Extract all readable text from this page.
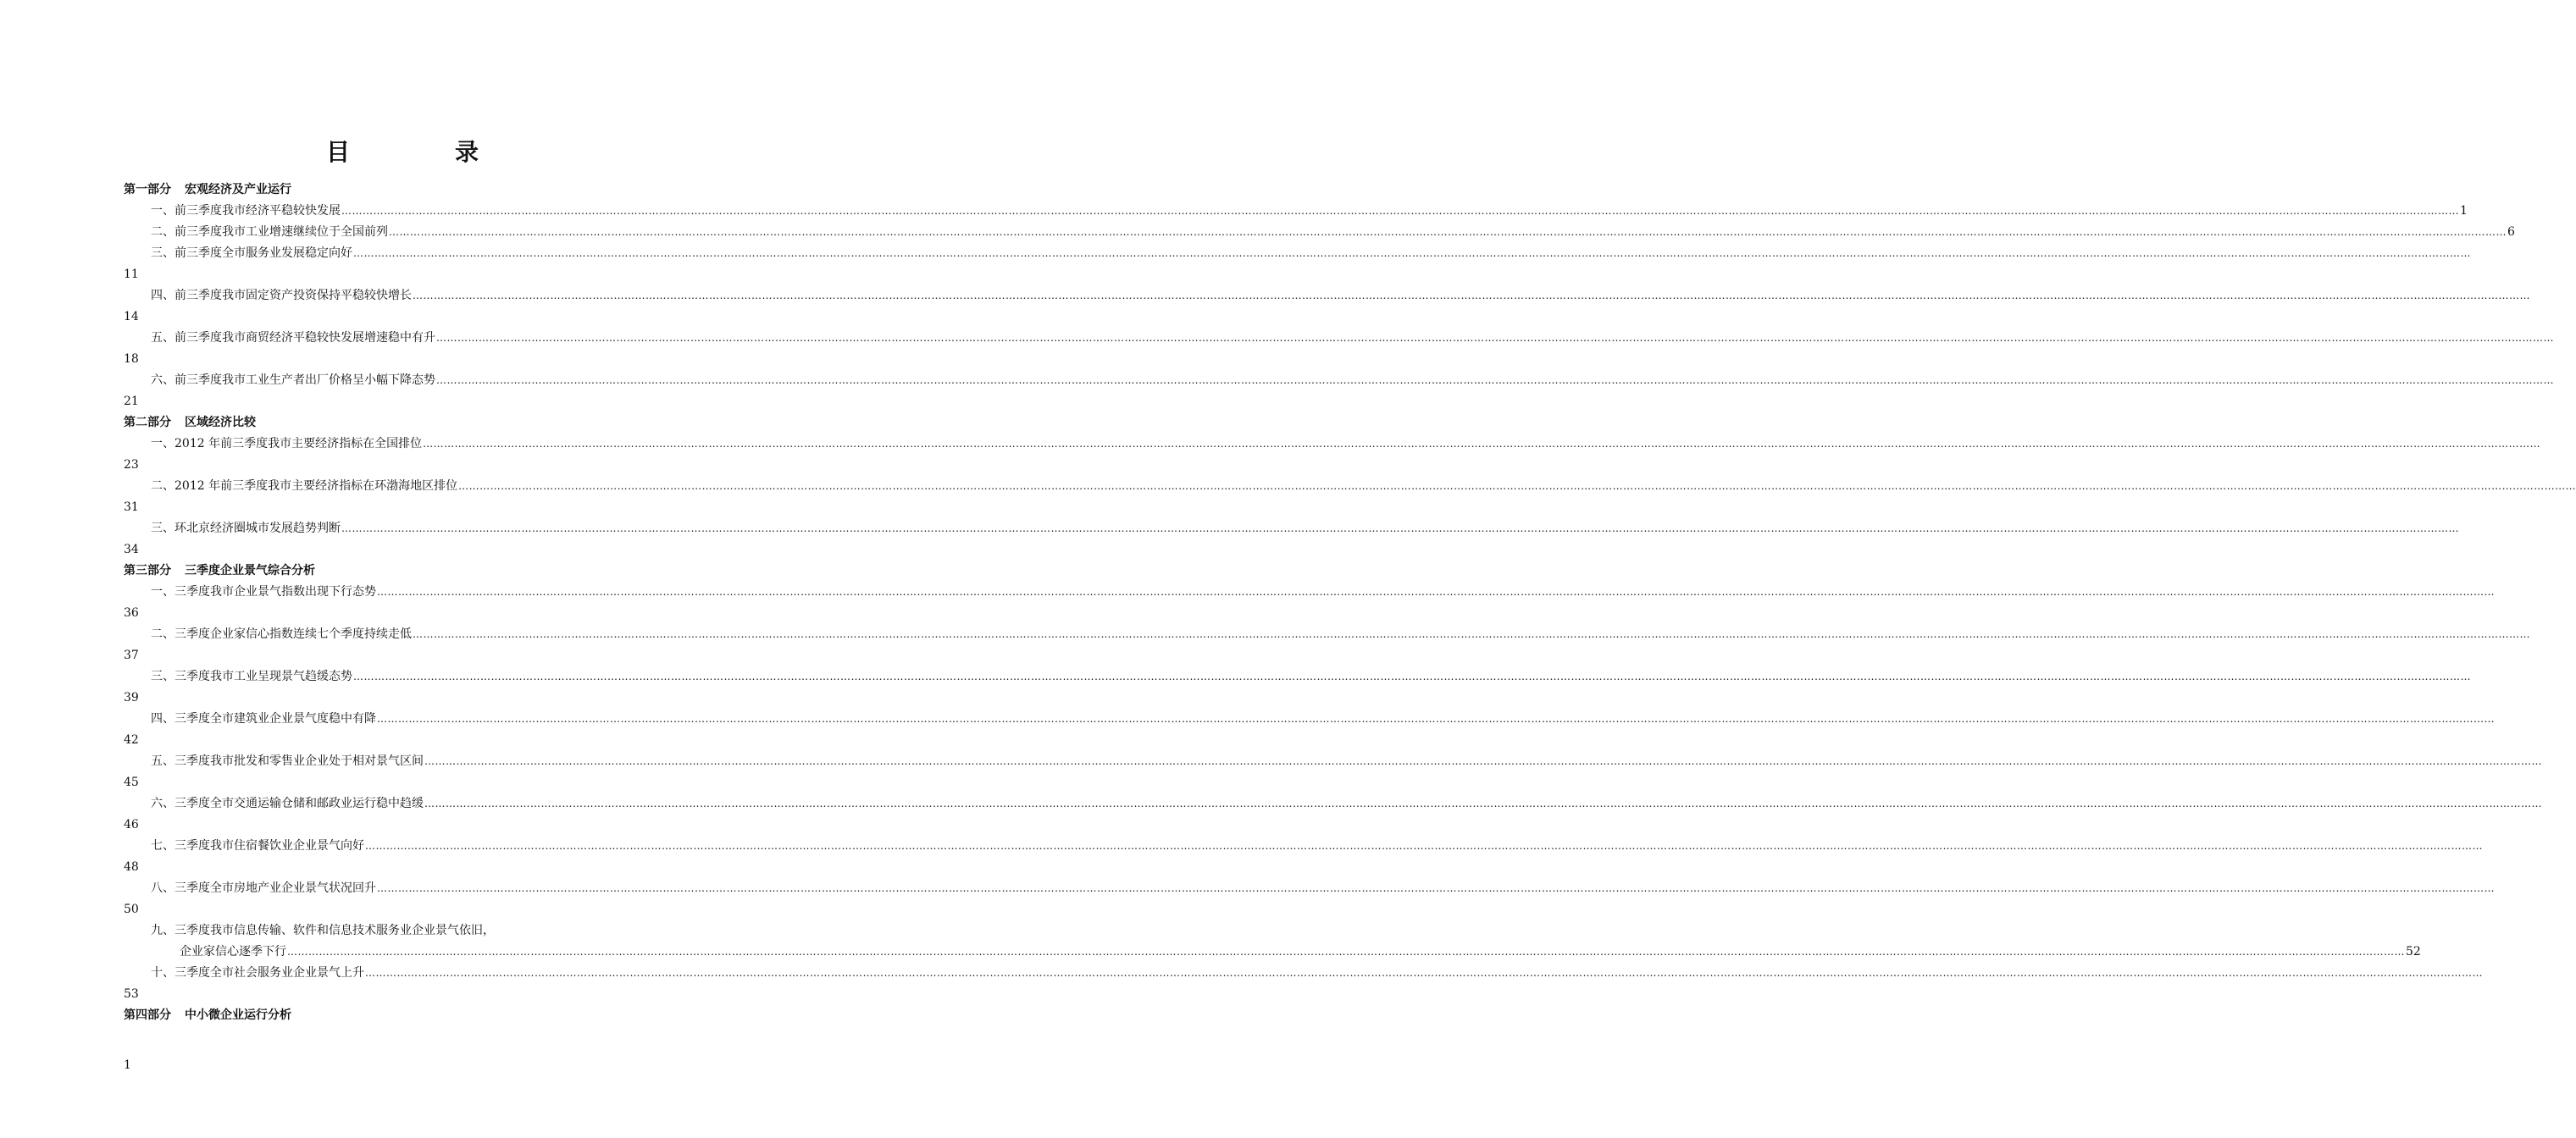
目　录
第一部分 宏观经济及产业运行
一、前三季度我市经济平稳较快发展 …………………………………………………………………………………………………………………………………………………………………………………………………………………………………………………………………………………………………………………………………………………………………………………………………………………………………………………………………………………………………………………………………………………… 1
二、前三季度我市工业增速继续位于全国前列 …………………………………………………………………………………………………………………………………………………………………………………………………………………………………………………………………………………………………………………………………………………………………………………………………………………………………………………………………………………………………………………………………………………… 6
三、前三季度全市服务业发展稳定向好 ……………………………………………………………………………………………………………………………………………………………………………………………………………………………………………………………………………………………………………………………………………………………………………………………………………………………………………………………………………………………………………………………………………………
11
四、前三季度我市固定资产投资保持平稳较快增长 ……………………………………………………………………………………………………………………………………………………………………………………………………………………………………………………………………………………………………………………………………………………………………………………………………………………………………………………………………………………………………………………………………………………
14
五、前三季度我市商贸经济平稳较快发展增速稳中有升 ……………………………………………………………………………………………………………………………………………………………………………………………………………………………………………………………………………………………………………………………………………………………………………………………………………………………………………………………………………………………………………………………………………………
18
六、前三季度我市工业生产者出厂价格呈小幅下降态势 ……………………………………………………………………………………………………………………………………………………………………………………………………………………………………………………………………………………………………………………………………………………………………………………………………………………………………………………………………………………………………………………………………………………
21
第二部分 区域经济比较
一、2012 年前三季度我市主要经济指标在全国排位 ……………………………………………………………………………………………………………………………………………………………………………………………………………………………………………………………………………………………………………………………………………………………………………………………………………………………………………………………………………………………………………………………………………………
23
二、2012 年前三季度我市主要经济指标在环渤海地区排位 ……………………………………………………………………………………………………………………………………………………………………………………………………………………………………………………………………………………………………………………………………………………………………………………………………………………………………………………………………………………………………………………………………………………
31
三、环北京经济圈城市发展趋势判断 ……………………………………………………………………………………………………………………………………………………………………………………………………………………………………………………………………………………………………………………………………………………………………………………………………………………………………………………………………………………………………………………………………………………
34
第三部分 三季度企业景气综合分析
一、三季度我市企业景气指数出现下行态势 ……………………………………………………………………………………………………………………………………………………………………………………………………………………………………………………………………………………………………………………………………………………………………………………………………………………………………………………………………………………………………………………………………………………
36
二、三季度企业家信心指数连续七个季度持续走低 ……………………………………………………………………………………………………………………………………………………………………………………………………………………………………………………………………………………………………………………………………………………………………………………………………………………………………………………………………………………………………………………………………………………
37
三、三季度我市工业呈现景气趋缓态势 ……………………………………………………………………………………………………………………………………………………………………………………………………………………………………………………………………………………………………………………………………………………………………………………………………………………………………………………………………………………………………………………………………………………
39
四、三季度全市建筑业企业景气度稳中有降 ……………………………………………………………………………………………………………………………………………………………………………………………………………………………………………………………………………………………………………………………………………………………………………………………………………………………………………………………………………………………………………………………………………………
42
五、三季度我市批发和零售业企业处于相对景气区间 ……………………………………………………………………………………………………………………………………………………………………………………………………………………………………………………………………………………………………………………………………………………………………………………………………………………………………………………………………………………………………………………………………………………
45
六、三季度全市交通运输仓储和邮政业运行稳中趋缓 ……………………………………………………………………………………………………………………………………………………………………………………………………………………………………………………………………………………………………………………………………………………………………………………………………………………………………………………………………………………………………………………………………………………
46
七、三季度我市住宿餐饮业企业景气向好 ……………………………………………………………………………………………………………………………………………………………………………………………………………………………………………………………………………………………………………………………………………………………………………………………………………………………………………………………………………………………………………………………………………………
48
八、三季度全市房地产业企业景气状况回升 ……………………………………………………………………………………………………………………………………………………………………………………………………………………………………………………………………………………………………………………………………………………………………………………………………………………………………………………………………………………………………………………………………………………
50
九、三季度我市信息传输、软件和信息技术服务业企业景气依旧，
企业家信心逐季下行 …………………………………………………………………………………………………………………………………………………………………………………………………………………………………………………………………………………………………………………………………………………………………………………………………………………………………………………………………………………………………………………………………………………… 52
十、三季度全市社会服务业企业景气上升 ……………………………………………………………………………………………………………………………………………………………………………………………………………………………………………………………………………………………………………………………………………………………………………………………………………………………………………………………………………………………………………………………………………………
53
第四部分 中小微企业运行分析
1
